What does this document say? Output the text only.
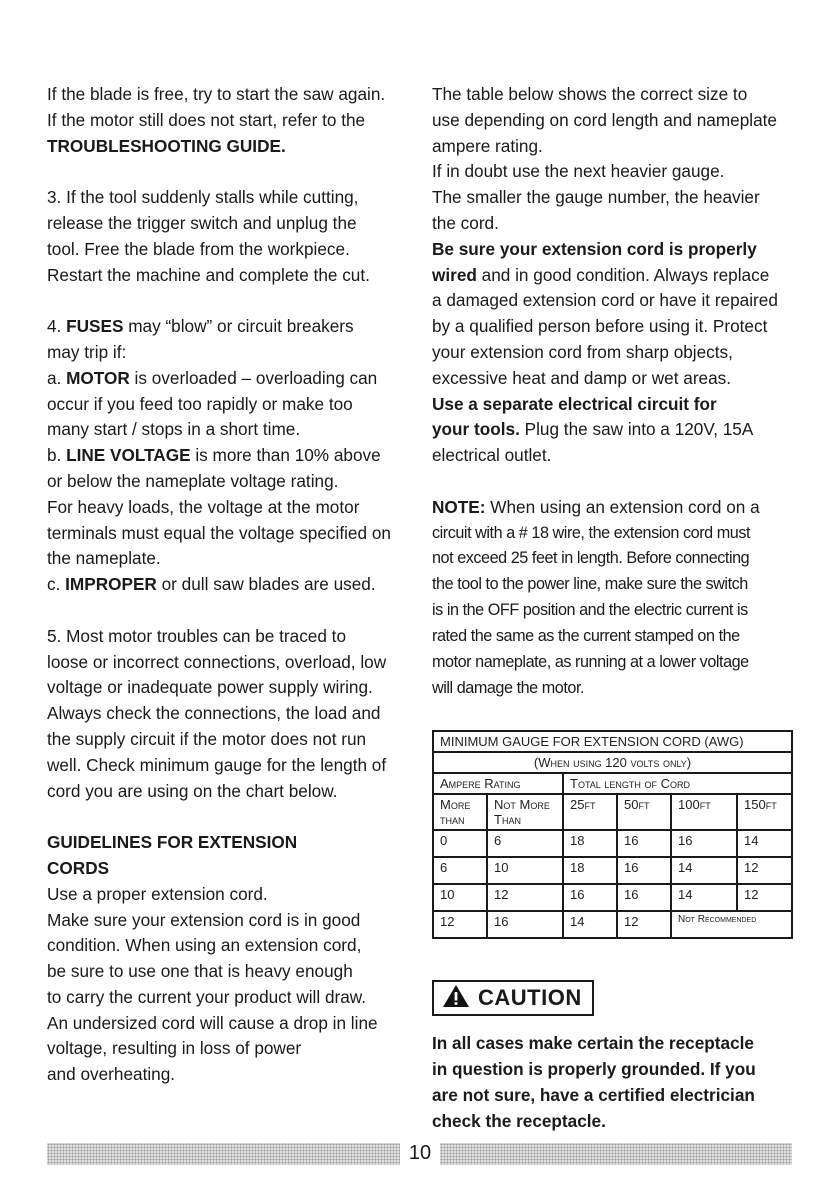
If the blade is free, try to start the saw again.

If the motor still does not start, refer to the

TROUBLESHOOTING GUIDE.

3. If the tool suddenly stalls while cutting,

release the trigger switch and unplug the

tool. Free the blade from the workpiece.

Restart the machine and complete the cut.

4. FUSES may “blow” or circuit breakers

may trip if:

a. MOTOR is overloaded – overloading can

occur if you feed too rapidly or make too

many start / stops in a short time.

b. LINE VOLTAGE is more than 10% above

or below the nameplate voltage rating.

For heavy loads, the voltage at the motor

terminals must equal the voltage specified on

the nameplate.

c. IMPROPER or dull saw blades are used.

5. Most motor troubles can be traced to

loose or incorrect connections, overload, low

voltage or inadequate power supply wiring.

Always check the connections, the load and

the supply circuit if the motor does not run

well. Check minimum gauge for the length of

cord you are using on the chart below.

GUIDELINES FOR EXTENSION

CORDS

Use a proper extension cord.

Make sure your extension cord is in good

condition. When using an extension cord,

be sure to use one that is heavy enough

to carry the current your product will draw.

An undersized cord will cause a drop in line

voltage, resulting in loss of power

and overheating.

The table below shows the correct size to

use depending on cord length and nameplate

ampere rating.

If in doubt use the next heavier gauge.

The smaller the gauge number, the heavier

the cord.

Be sure your extension cord is properly

wired and in good condition. Always replace

a damaged extension cord or have it repaired

by a qualified person before using it. Protect

your extension cord from sharp objects,

excessive heat and damp or wet areas.

Use a separate electrical circuit for

your tools. Plug the saw into a 120V, 15A

electrical outlet.

NOTE: When using an extension cord on a

circuit with a # 18 wire, the extension cord must

not exceed 25 feet in length. Before connecting

the tool to the power line, make sure the switch

is in the OFF position and the electric current is

rated the same as the current stamped on the

motor nameplate, as running at a lower voltage

will damage the motor.

MINIMUM GAUGE FOR EXTENSION CORD (AWG)					
(When using 120 volts only)					
Ampere Rating		Total length of Cord			
More than	Not More Than	25ft	50ft	100ft	150ft
0	6	18	16	16	14
6	10	18	16	14	12
10	12	16	16	14	12
12	16	14	12	Not Recommended	
CAUTION
In all cases make certain the receptacle
in question is properly grounded. If you
are not sure, have a certified electrician
check the receptacle.
10
